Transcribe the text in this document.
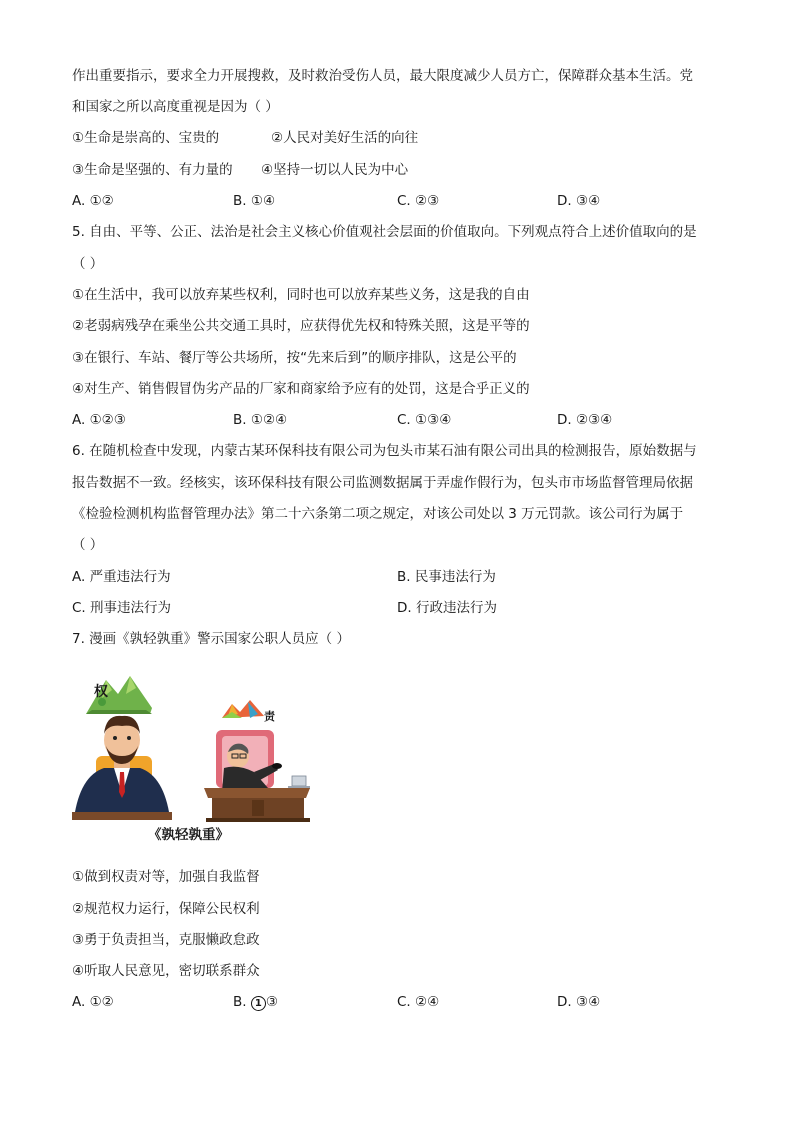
作出重要指示，要求全力开展搜救，及时救治受伤人员，最大限度减少人员方亡，保障群众基本生活。党
和国家之所以高度重视是因为（ ）
①生命是崇高的、宝贵的	②人民对美好生活的向往
③生命是坚强的、有力量的 ④坚持一切以人民为中心
A. ①②	B. ①④	C. ②③	D. ③④
5. 自由、平等、公正、法治是社会主义核心价值观社会层面的价值取向。下列观点符合上述价值取向的是
（ ）
①在生活中，我可以放弃某些权利，同时也可以放弃某些义务，这是我的自由
②老弱病残孕在乘坐公共交通工具时，应获得优先权和特殊关照，这是平等的
③在银行、车站、餐厅等公共场所，按“先来后到”的顺序排队，这是公平的
④对生产、销售假冒伪劣产品的厂家和商家给予应有的处罚，这是合乎正义的
A. ①②③	B. ①②④	C. ①③④	D. ②③④
6. 在随机检查中发现，内蒙古某环保科技有限公司为包头市某石油有限公司出具的检测报告，原始数据与
报告数据不一致。经核实，该环保科技有限公司监测数据属于弄虚作假行为，包头市市场监督管理局依据
《检验检测机构监督管理办法》第二十六条第二项之规定，对该公司处以 3 万元罚款。该公司行为属于
（ ）
A. 严重违法行为	B. 民事违法行为
C. 刑事违法行为	D. 行政违法行为
7. 漫画《孰轻孰重》警示国家公职人员应（ ）
权
责
《孰轻孰重》
①做到权责对等，加强自我监督
②规范权力运行，保障公民权利
③勇于负责担当，克服懒政怠政
④听取人民意见，密切联系群众
A. ①②	B. 1 ③	C. ②④	D. ③④
